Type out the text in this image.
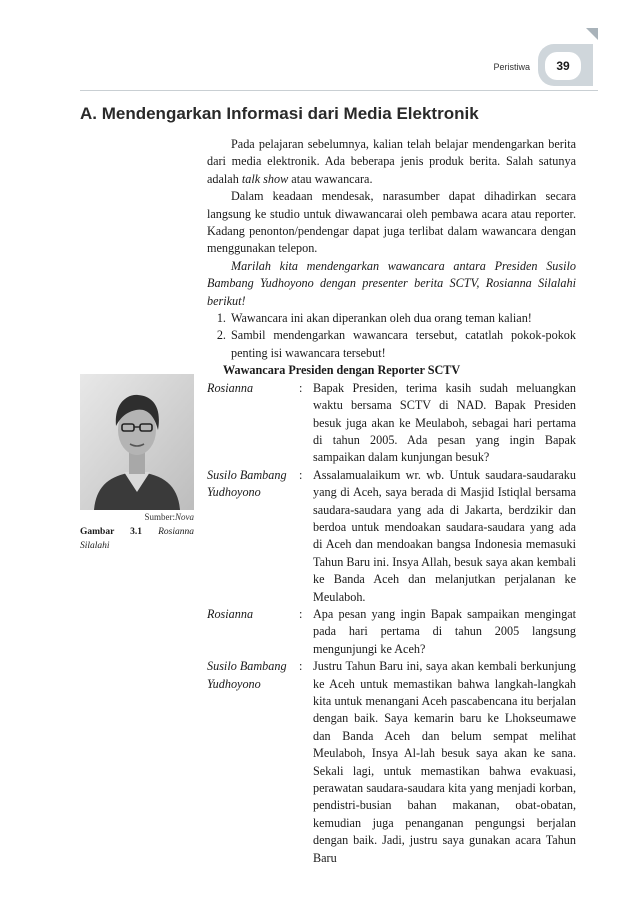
39
Peristiwa
A. Mendengarkan Informasi dari Media Elektronik

Pada pelajaran sebelumnya, kalian telah belajar mendengarkan berita dari media elektronik. Ada beberapa jenis produk berita. Salah satunya adalah talk show atau wawancara.

Dalam keadaan mendesak, narasumber dapat dihadirkan secara langsung ke studio untuk diwawancarai oleh pembawa acara atau reporter. Kadang penonton/pendengar dapat juga terlibat dalam wawancara dengan menggunakan telepon.

Marilah kita mendengarkan wawancara antara Presiden Susilo Bambang Yudhoyono dengan presenter berita SCTV, Rosianna Silalahi berikut!

1. Wawancara ini akan diperankan oleh dua orang teman kalian!
2. Sambil mendengarkan wawancara tersebut, catatlah pokok-pokok penting isi wawancara tersebut!

Wawancara Presiden dengan Reporter SCTV

Rosianna	: Bapak Presiden, terima kasih sudah meluangkan waktu bersama SCTV di NAD. Bapak Presiden besuk juga akan ke Meulaboh, sebagai hari pertama di tahun 2005. Ada pesan yang ingin Bapak sampaikan dalam kunjungan besuk?
Susilo Bambang Yudhoyono
: Assalamualaikum wr. wb. Untuk saudara-saudaraku yang di Aceh, saya berada di Masjid Istiqlal bersama saudara-saudara yang ada di Jakarta, berdzikir dan berdoa untuk mendoakan saudara-saudara yang ada di Aceh dan mendoakan bangsa Indonesia memasuki Tahun Baru ini. Insya Allah, besuk saya akan kembali ke Banda Aceh dan melanjutkan perjalanan ke Meulaboh.
Rosianna	: Apa pesan yang ingin Bapak sampaikan mengingat pada hari pertama di tahun 2005 langsung mengunjungi ke Aceh?
Susilo Bambang Yudhoyono
: Justru Tahun Baru ini, saya akan kembali berkunjung ke Aceh untuk memastikan bahwa langkah-langkah kita untuk menangani Aceh pascabencana itu berjalan dengan baik. Saya kemarin baru ke Lhokseumawe dan Banda Aceh dan belum sempat melihat Meulaboh, Insya Al-lah besuk saya akan ke sana. Sekali lagi, untuk memastikan bahwa evakuasi, perawatan saudara-saudara kita yang menjadi korban, pendistri-busian bahan makanan, obat-obatan, kemudian juga penanganan pengungsi berjalan dengan baik. Jadi, justru saya gunakan acara Tahun Baru
Sumber:Nova
Gambar 3.1 Rosianna Silalahi
